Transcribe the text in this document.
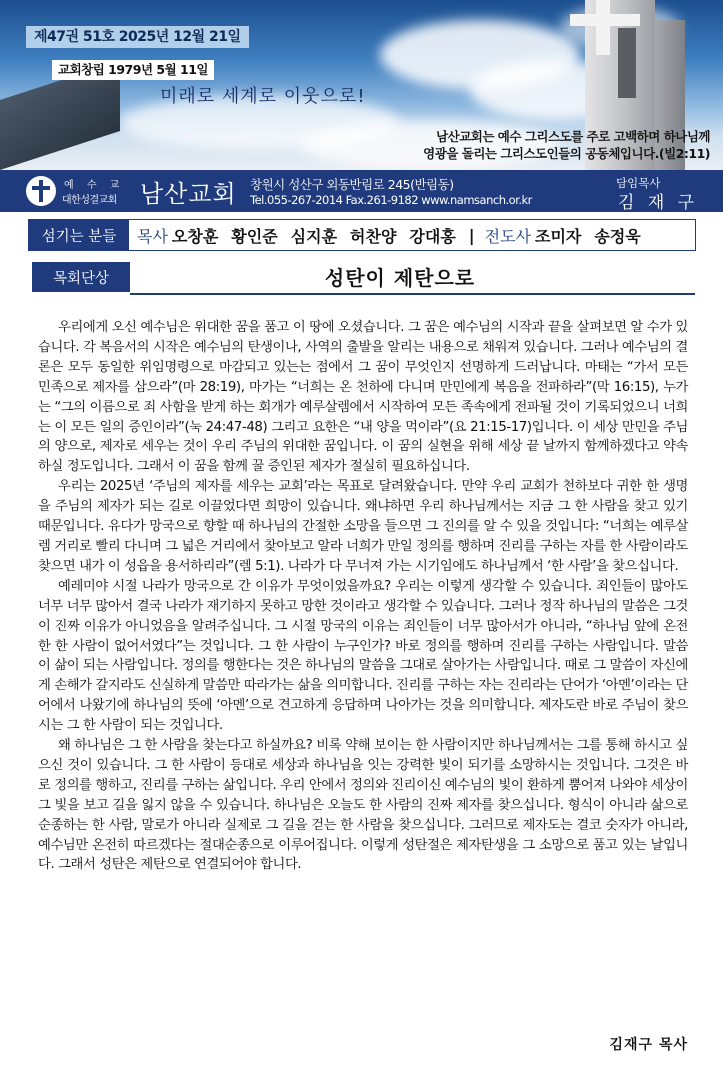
제47권 51호 2025년 12월 21일
교회창립 1979년 5월 11일
미래로 세계로 이웃으로!
남산교회는 예수 그리스도를 주로 고백하며 하나님께
영광을 돌리는 그리스도인들의 공동체입니다.(빌2:11)
예 수 교
대한성결교회 남산교회 창원시 성산구 외동반림로 245(반림동)
Tel.055-267-2014 Fax.261-9182 www.namsanch.or.kr
담임목사
김 재 구
섬기는 분들	목사 오창훈 황인준 심지훈 허찬양 강대홍 | 전도사 조미자 송정욱
목회단상	성탄이 제탄으로

우리에게 오신 예수님은 위대한 꿈을 품고 이 땅에 오셨습니다. 그 꿈은 예수님의 시작과 끝을 살펴보면 알 수가 있습니다. 각 복음서의 시작은 예수님의 탄생이나, 사역의 출발을 알리는 내용으로 채워져 있습니다. 그러나 예수님의 결론은 모두 동일한 위임명령으로 마감되고 있는는 점에서 그 꿈이 무엇인지 선명하게 드러납니다. 마태는 “가서 모든 민족으로 제자를 삼으라”(마 28:19), 마가는 “너희는 온 천하에 다니며 만민에게 복음을 전파하라”(막 16:15), 누가는 “그의 이름으로 죄 사함을 받게 하는 회개가 예루살렘에서 시작하여 모든 족속에게 전파될 것이 기록되었으니 너희는 이 모든 일의 증인이라”(눅 24:47-48) 그리고 요한은 “내 양을 먹이라”(요 21:15-17)입니다. 이 세상 만민을 주님의 양으로, 제자로 세우는 것이 우리 주님의 위대한 꿈입니다. 이 꿈의 실현을 위해 세상 끝 날까지 함께하겠다고 약속하실 정도입니다. 그래서 이 꿈을 함께 꿀 증인된 제자가 절실히 필요하십니다.

우리는 2025년 ‘주님의 제자를 세우는 교회’라는 목표로 달려왔습니다. 만약 우리 교회가 천하보다 귀한 한 생명을 주님의 제자가 되는 길로 이끌었다면 희망이 있습니다. 왜냐하면 우리 하나님께서는 지금 그 한 사람을 찾고 있기 때문입니다. 유다가 망국으로 향할 때 하나님의 간절한 소망을 들으면 그 진의를 알 수 있을 것입니다: “너희는 예루살렘 거리로 빨리 다니며 그 넓은 거리에서 찾아보고 알라 너희가 만일 정의를 행하며 진리를 구하는 자를 한 사람이라도 찾으면 내가 이 성읍을 용서하리라”(렘 5:1). 나라가 다 무너져 가는 시기임에도 하나님께서 ‘한 사람’을 찾으십니다.

예레미야 시절 나라가 망국으로 간 이유가 무엇이었을까요? 우리는 이렇게 생각할 수 있습니다. 죄인들이 많아도 너무 너무 많아서 결국 나라가 재기하지 못하고 망한 것이라고 생각할 수 있습니다. 그러나 정작 하나님의 말씀은 그것이 진짜 이유가 아니었음을 알려주십니다. 그 시절 망국의 이유는 죄인들이 너무 많아서가 아니라, “하나님 앞에 온전한 한 사람이 없어서였다”는 것입니다. 그 한 사람이 누구인가? 바로 정의를 행하며 진리를 구하는 사람입니다. 말씀이 삶이 되는 사람입니다. 정의를 행한다는 것은 하나님의 말씀을 그대로 살아가는 사람입니다. 때로 그 말씀이 자신에게 손해가 갈지라도 신실하게 말씀만 따라가는 삶을 의미합니다. 진리를 구하는 자는 진리라는 단어가 ‘아멘’이라는 단어에서 나왔기에 하나님의 뜻에 ‘아멘’으로 견고하게 응답하며 나아가는 것을 의미합니다. 제자도란 바로 주님이 찾으시는 그 한 사람이 되는 것입니다.

왜 하나님은 그 한 사람을 찾는다고 하실까요? 비록 약해 보이는 한 사람이지만 하나님께서는 그를 통해 하시고 싶으신 것이 있습니다. 그 한 사람이 등대로 세상과 하나님을 잇는 강력한 빛이 되기를 소망하시는 것입니다. 그것은 바로 정의를 행하고, 진리를 구하는 삶입니다. 우리 안에서 정의와 진리이신 예수님의 빛이 환하게 뿜어져 나와야 세상이 그 빛을 보고 길을 잃지 않을 수 있습니다. 하나님은 오늘도 한 사람의 진짜 제자를 찾으십니다. 형식이 아니라 삶으로 순종하는 한 사람, 말로가 아니라 실제로 그 길을 걷는 한 사람을 찾으십니다. 그러므로 제자도는 결코 숫자가 아니라, 예수님만 온전히 따르겠다는 절대순종으로 이루어집니다. 이렇게 성탄절은 제자탄생을 그 소망으로 품고 있는 날입니다. 그래서 성탄은 제탄으로 연결되어야 합니다.

김재구 목사
